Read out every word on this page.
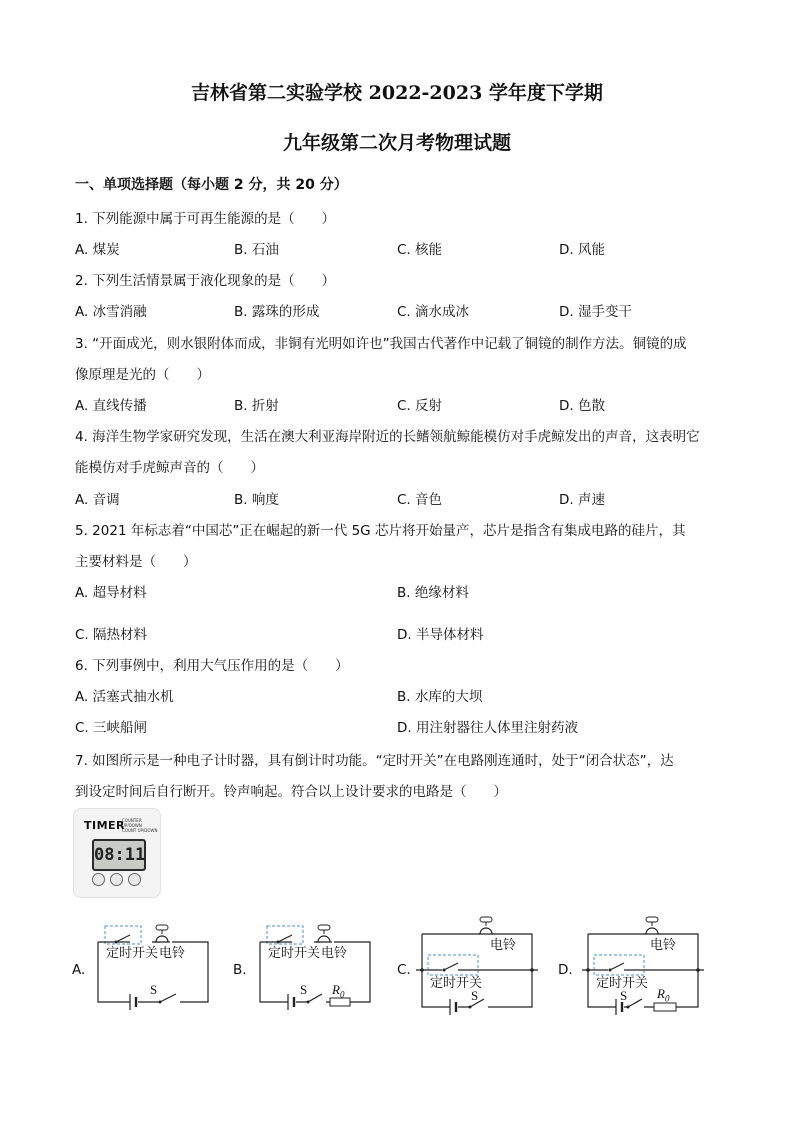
吉林省第二实验学校 2022-2023 学年度下学期
九年级第二次月考物理试题
一、单项选择题（每小题 2 分，共 20 分）
1. 下列能源中属于可再生能源的是（　　）
A. 煤炭	B. 石油	C. 核能	D. 风能
2. 下列生活情景属于液化现象的是（　　）
A. 冰雪消融	B. 露珠的形成	C. 滴水成冰	D. 湿手变干
3. “开面成光，则水银附体而成，非铜有光明如许也”我国古代著作中记载了铜镜的制作方法。铜镜的成
像原理是光的（　　）
A. 直线传播	B. 折射	C. 反射	D. 色散
4. 海洋生物学家研究发现，生活在澳大利亚海岸附近的长鳍领航鲸能模仿对手虎鲸发出的声音，这表明它
能模仿对手虎鲸声音的（　　）
A. 音调	B. 响度	C. 音色	D. 声速
5. 2021 年标志着“中国芯”正在崛起的新一代 5G 芯片将开始量产，芯片是指含有集成电路的硅片，其
主要材料是（　　）
A. 超导材料	B. 绝缘材料
C. 隔热材料	D. 半导体材料
6. 下列事例中，利用大气压作用的是（　　）
A. 活塞式抽水机	B. 水库的大坝
C. 三峡船闸	D. 用注射器往人体里注射药液
7. 如图所示是一种电子计时器，具有倒计时功能。“定时开关”在电路刚连通时，处于“闭合状态”，达
到设定时间后自行断开。铃声响起。符合以上设计要求的电路是（　　）
TIMER
COUNTER
UP/DOWN
COUNT UP/DOWN
08:11
A.
定时开关 电铃
S
B.
定时开关 电铃
S $R_0$
C.
电铃
定时开关
S
D.
电铃
定时开关
S $R_0$
